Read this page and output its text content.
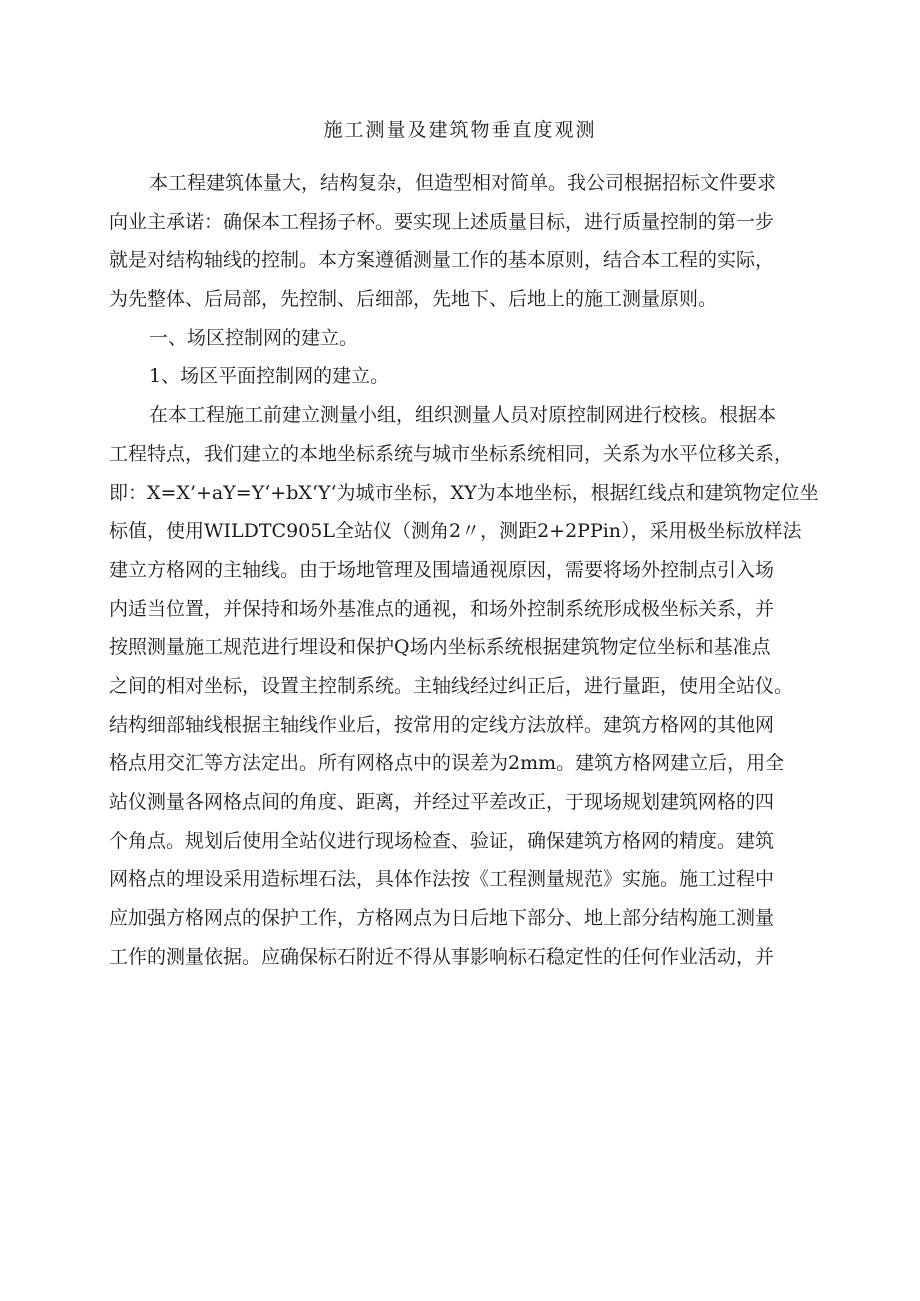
施工测量及建筑物垂直度观测
本工程建筑体量大，结构复杂，但造型相对简单。我公司根据招标文件要求
向业主承诺：确保本工程扬子杯。要实现上述质量目标，进行质量控制的第一步
就是对结构轴线的控制。本方案遵循测量工作的基本原则，结合本工程的实际，
为先整体、后局部，先控制、后细部，先地下、后地上的施工测量原则。
一、场区控制网的建立。
1、场区平面控制网的建立。
在本工程施工前建立测量小组，组织测量人员对原控制网进行校核。根据本
工程特点，我们建立的本地坐标系统与城市坐标系统相同，关系为水平位移关系，
即：X=X’+aY=Y‘+bX‘Y‘为城市坐标，XY为本地坐标，根据红线点和建筑物定位坐
标值，使用WILDTC905L全站仪（测角2〃，测距2+2PPin），采用极坐标放样法
建立方格网的主轴线。由于场地管理及围墙通视原因，需要将场外控制点引入场
内适当位置，并保持和场外基准点的通视，和场外控制系统形成极坐标关系，并
按照测量施工规范进行埋设和保护Q场内坐标系统根据建筑物定位坐标和基准点
之间的相对坐标，设置主控制系统。主轴线经过纠正后，进行量距，使用全站仪。
结构细部轴线根据主轴线作业后，按常用的定线方法放样。建筑方格网的其他网
格点用交汇等方法定出。所有网格点中的误差为2mm。建筑方格网建立后，用全
站仪测量各网格点间的角度、距离，并经过平差改正，于现场规划建筑网格的四
个角点。规划后使用全站仪进行现场检查、验证，确保建筑方格网的精度。建筑
网格点的埋设采用造标埋石法，具体作法按《工程测量规范》实施。施工过程中
应加强方格网点的保护工作，方格网点为日后地下部分、地上部分结构施工测量
工作的测量依据。应确保标石附近不得从事影响标石稳定性的任何作业活动，并
